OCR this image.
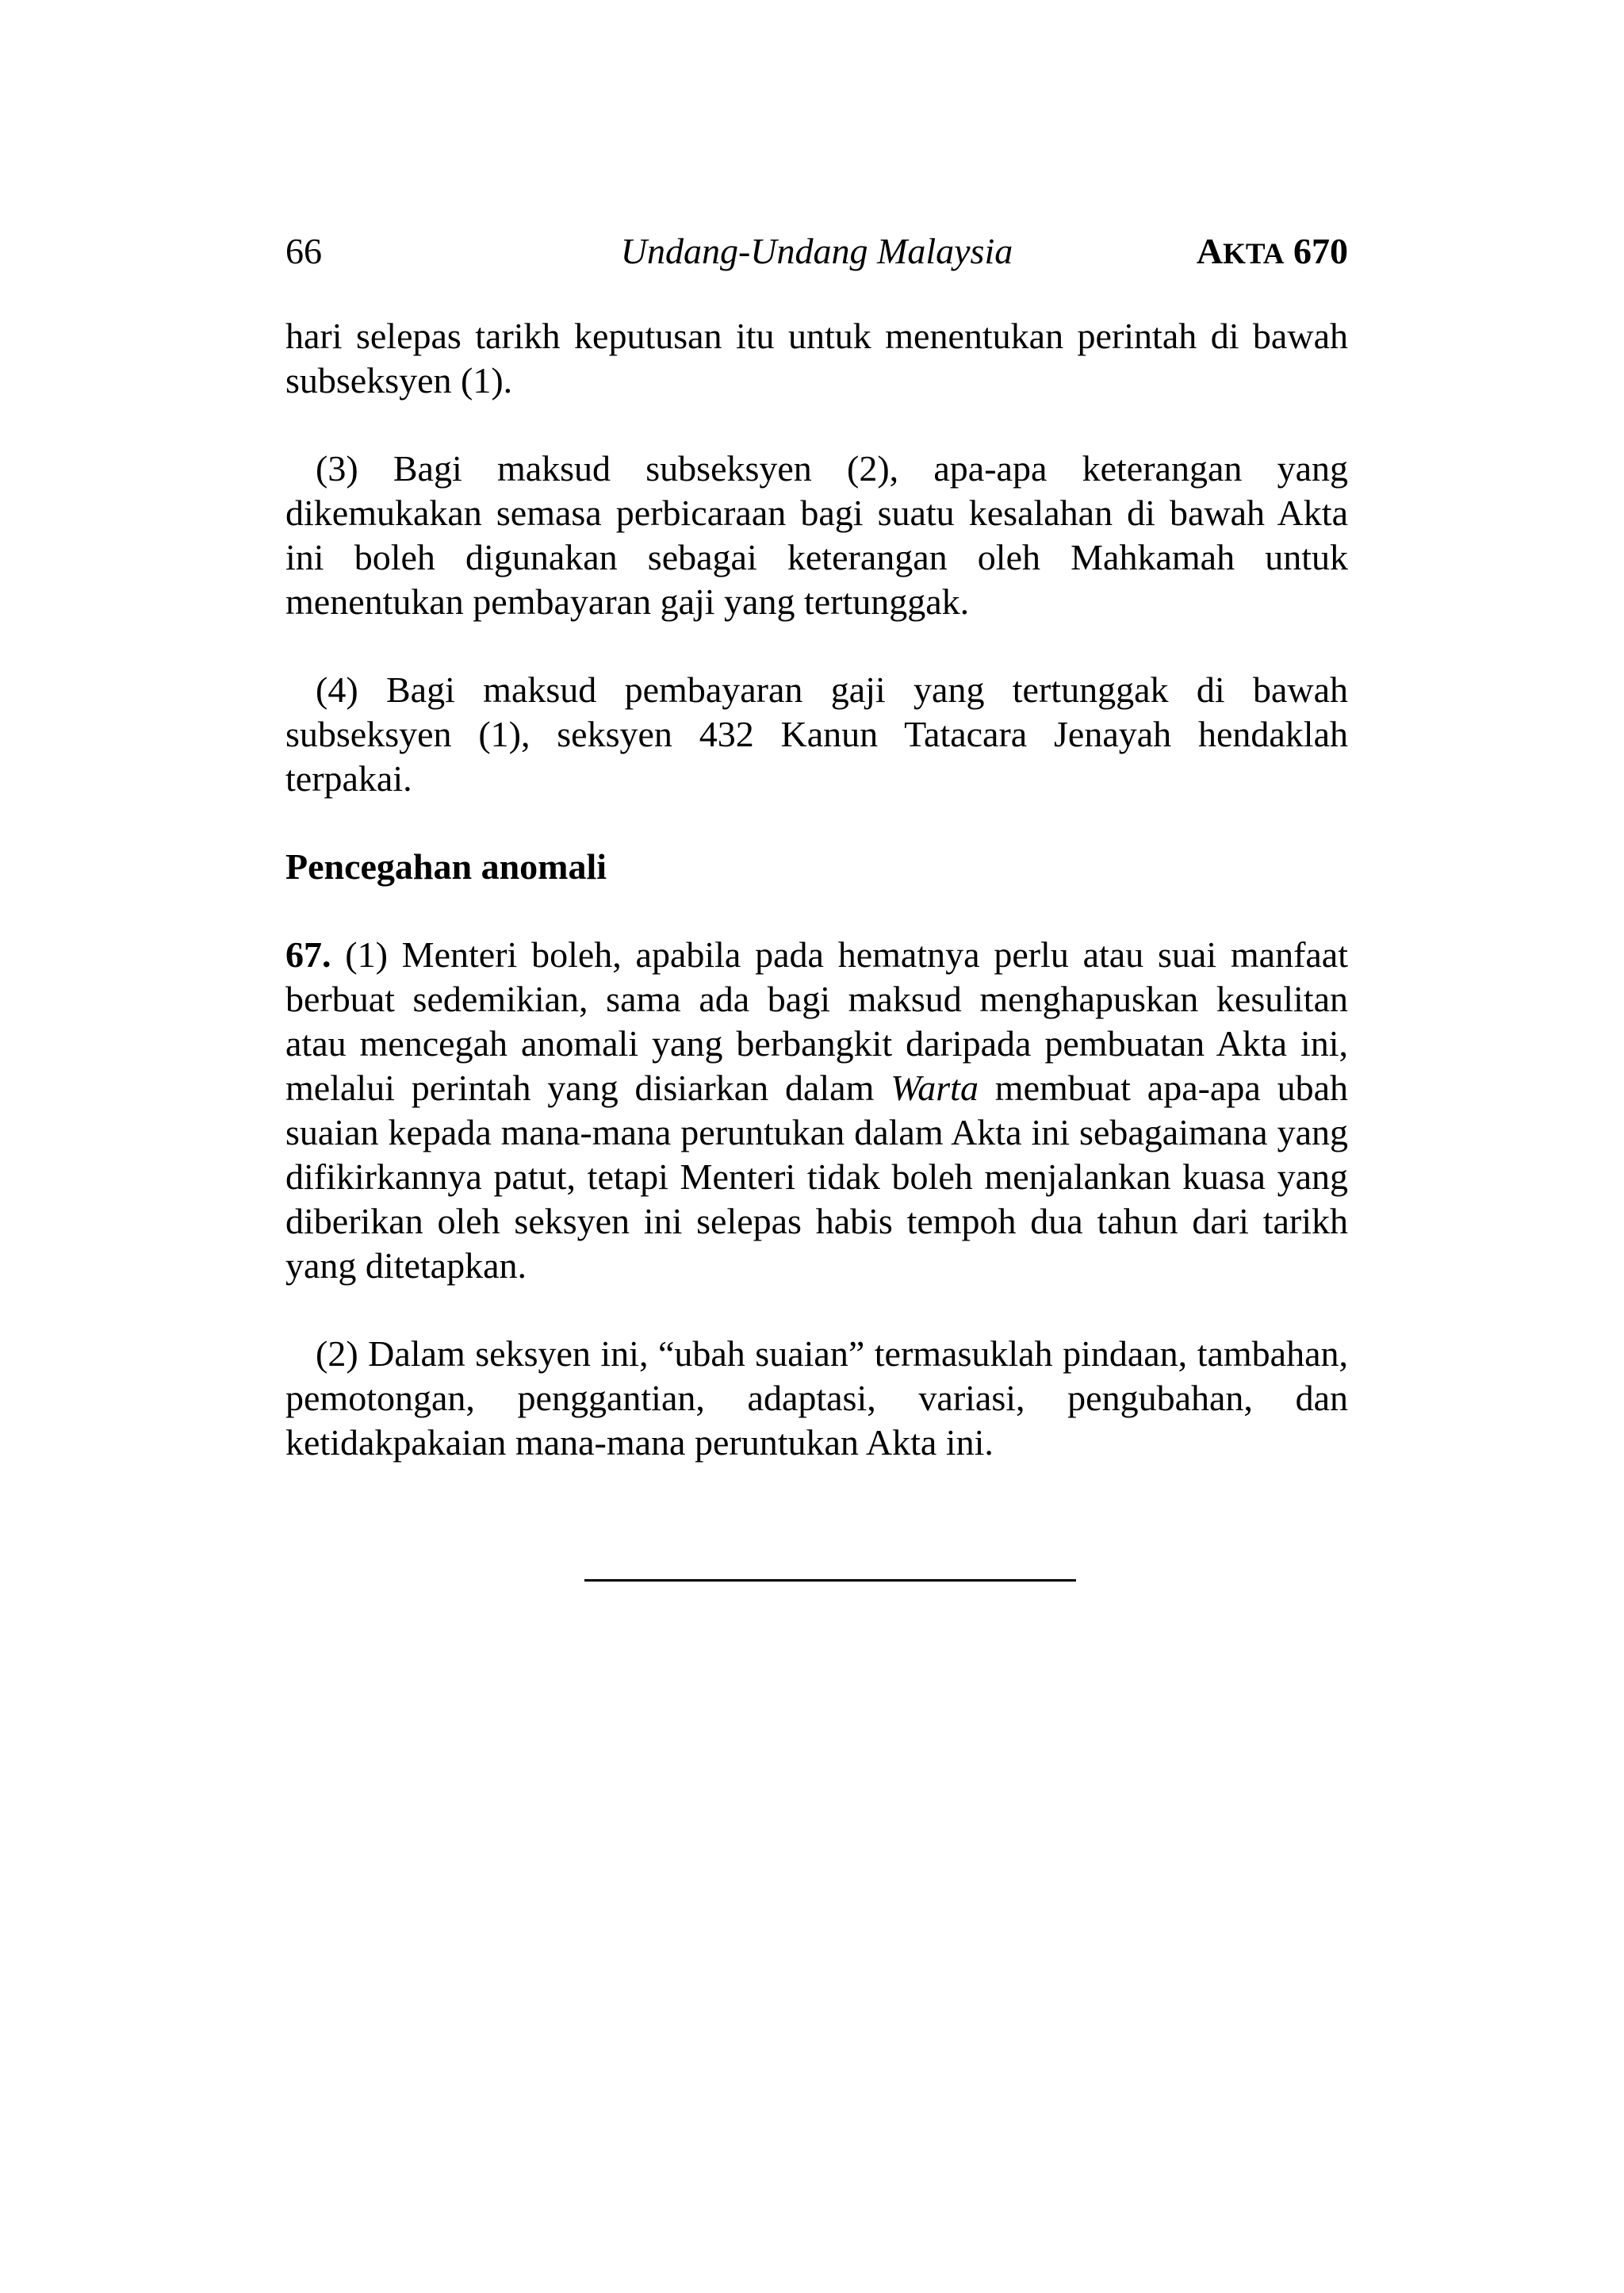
66	Undang-Undang Malaysia	AKTA 670

hari selepas tarikh keputusan itu untuk menentukan perintah di bawah subseksyen (1).

(3) Bagi maksud subseksyen (2), apa-apa keterangan yang dikemukakan semasa perbicaraan bagi suatu kesalahan di bawah Akta ini boleh digunakan sebagai keterangan oleh Mahkamah untuk menentukan pembayaran gaji yang tertunggak.

(4) Bagi maksud pembayaran gaji yang tertunggak di bawah subseksyen (1), seksyen 432 Kanun Tatacara Jenayah hendaklah terpakai.

Pencegahan anomali

67. (1) Menteri boleh, apabila pada hematnya perlu atau suai manfaat berbuat sedemikian, sama ada bagi maksud menghapuskan kesulitan atau mencegah anomali yang berbangkit daripada pembuatan Akta ini, melalui perintah yang disiarkan dalam Warta membuat apa-apa ubah suaian kepada mana-mana peruntukan dalam Akta ini sebagaimana yang difikirkannya patut, tetapi Menteri tidak boleh menjalankan kuasa yang diberikan oleh seksyen ini selepas habis tempoh dua tahun dari tarikh yang ditetapkan.

(2) Dalam seksyen ini, “ubah suaian” termasuklah pindaan, tambahan, pemotongan, penggantian, adaptasi, variasi, pengubahan, dan ketidakpakaian mana-mana peruntukan Akta ini.
